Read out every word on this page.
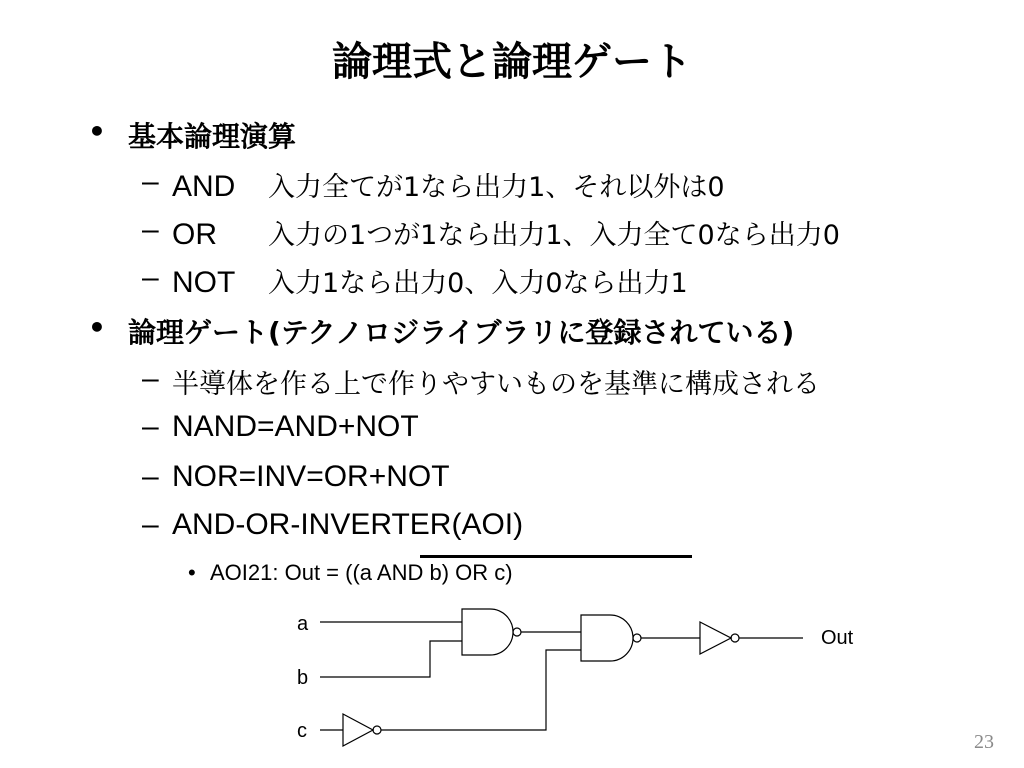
論理式と論理ゲート
• 基本論理演算
– AND 入力全てが1なら出力1、それ以外は0
– OR 入力の1つが1なら出力1、入力全て0なら出力0
– NOT 入力1なら出力0、入力0なら出力1
• 論理ゲート(テクノロジライブラリに登録されている)
– 半導体を作る上で作りやすいものを基準に構成される
– NAND=AND+NOT
– NOR=INV=OR+NOT
– AND-OR-INVERTER(AOI)
• AOI21: Out = ((a AND b) OR c)
a
b
c
Out
23
